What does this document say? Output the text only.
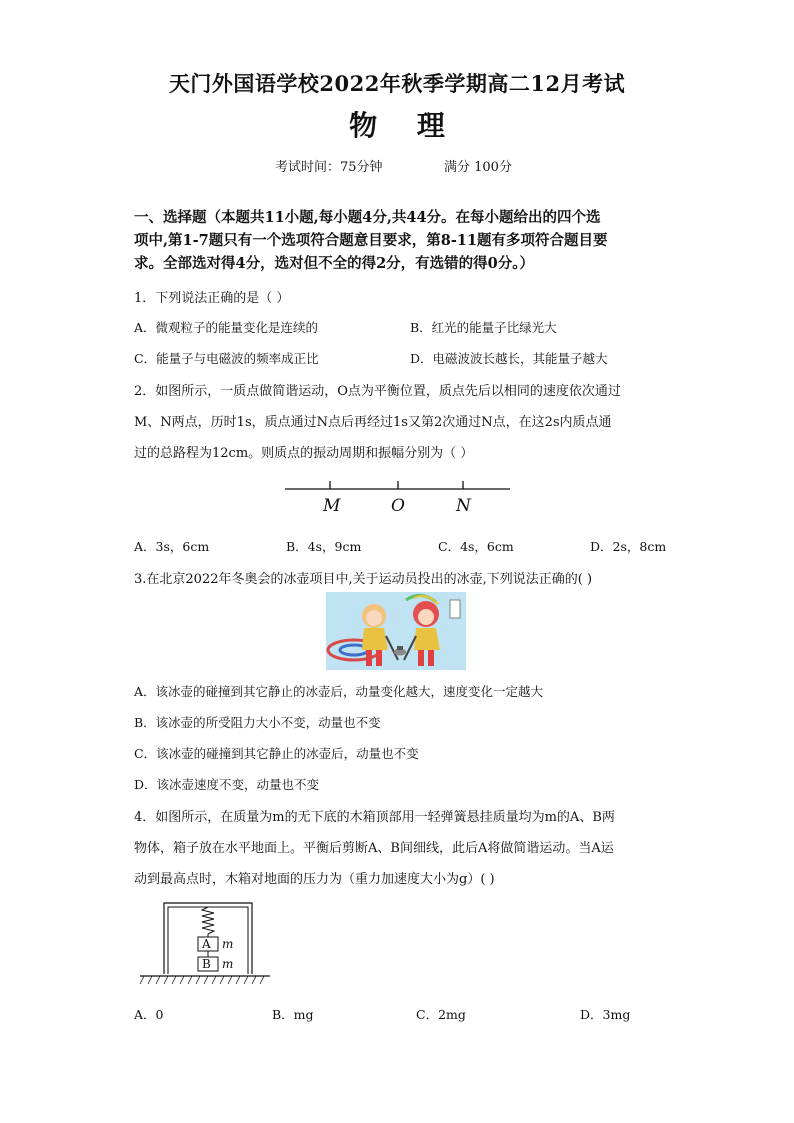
天门外国语学校2022年秋季学期高二12月考试
物 理
考试时间：75分钟	满分 100分
一、选择题（本题共11小题,每小题4分,共44分。在每小题给出的四个选
项中,第1-7题只有一个选项符合题意目要求，第8-11题有多项符合题目要
求。全部选对得4分，选对但不全的得2分，有选错的得0分。）
1．下列说法正确的是（ ）
A．微观粒子的能量变化是连续的	B．红光的能量子比绿光大
C．能量子与电磁波的频率成正比	D．电磁波波长越长，其能量子越大
2．如图所示，一质点做简谐运动，O点为平衡位置，质点先后以相同的速度依次通过
M、N两点，历时1s，质点通过N点后再经过1s又第2次通过N点，在这2s内质点通
过的总路程为12cm。则质点的振动周期和振幅分别为（ ）
M	O	N
A．3s，6cm	B．4s，9cm	C．4s，6cm	D．2s，8cm
3.在北京2022年冬奥会的冰壶项目中,关于运动员投出的冰壶,下列说法正确的( )
A．该冰壶的碰撞到其它静止的冰壶后，动量变化越大，速度变化一定越大
B．该冰壶的所受阻力大小不变，动量也不变
C．该冰壶的碰撞到其它静止的冰壶后，动量也不变
D．该冰壶速度不变，动量也不变
4．如图所示，在质量为m的无下底的木箱顶部用一轻弹簧悬挂质量均为m的A、B两
物体，箱子放在水平地面上。平衡后剪断A、B间细线，此后A将做简谐运动。当A运
动到最高点时，木箱对地面的压力为（重力加速度大小为g）( )
A m
B m
A．0	B．mg	C．2mg	D．3mg
